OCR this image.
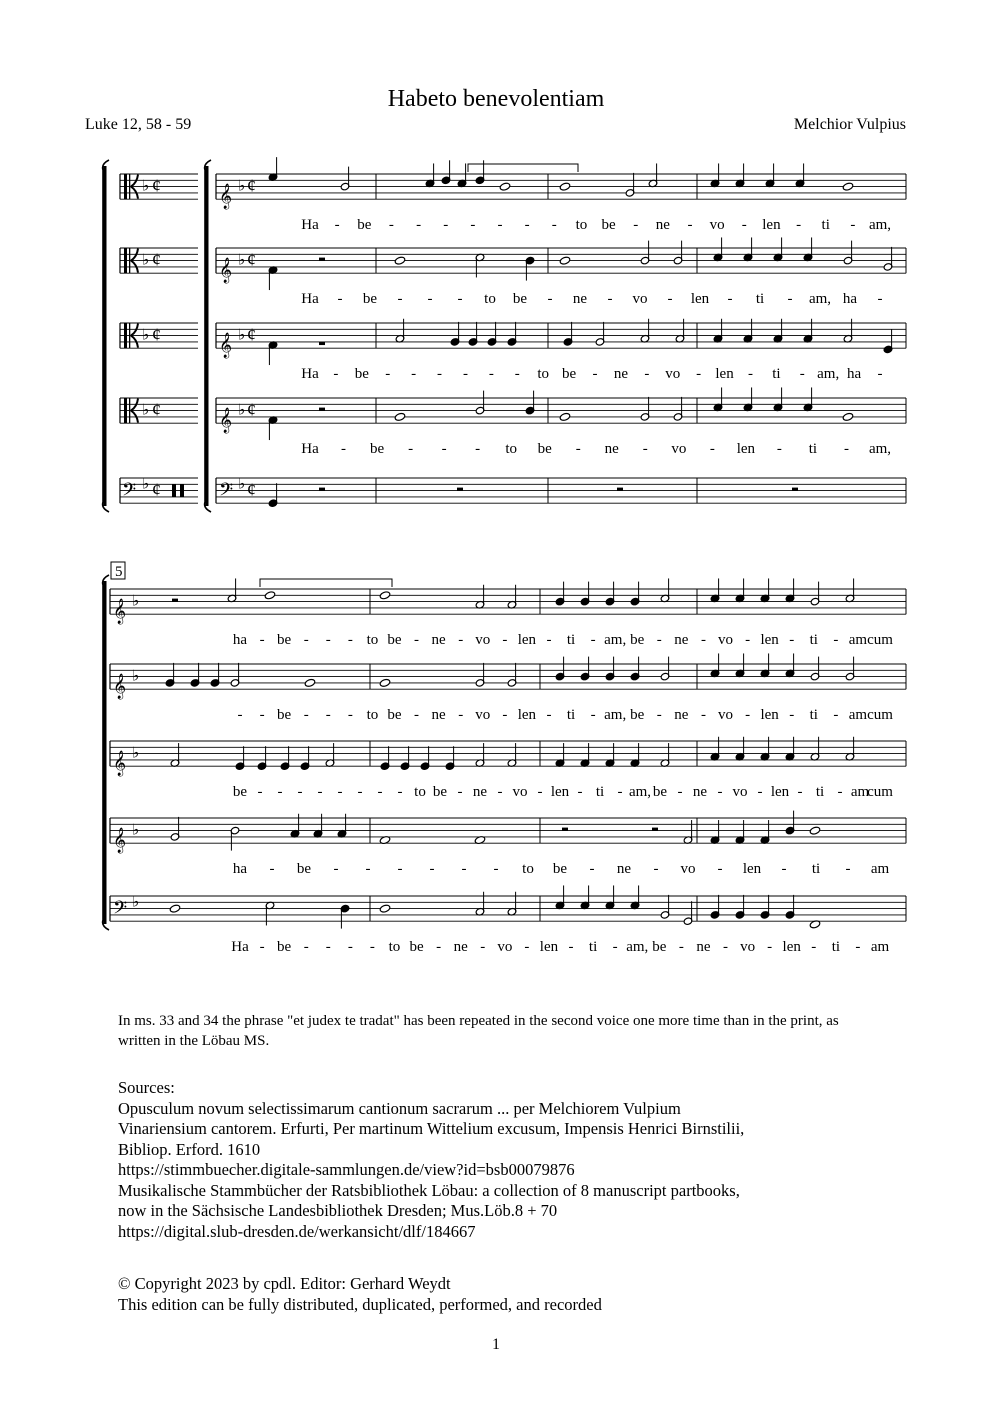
Habeto benevolentiam
Luke 12, 58 - 59	Melchior Vulpius
♭ ¢	𝄞 ♭ ¢
Ha - be - - - - - - - to be - ne - vo - len - ti - am,
♭ ¢	𝄞 ♭ ¢
Ha - be - - - to be - ne - vo - len - ti - am, ha -
♭ ¢	𝄞 ♭ ¢
Ha - be - - - - - - to be - ne - vo - len - ti - am, ha -
♭ ¢	𝄞 ♭ ¢
Ha - be - - - to be - ne - vo - len - ti - am,
𝄢 ♭ ¢	𝄢 ♭ ¢
5
𝄞 ♭
ha - be - - - to be - ne - vo - len - ti - am, be - ne - vo - len - ti - am cum
𝄞 ♭
- - be - - - to be - ne - vo - len - ti - am, be - ne - vo - len - ti - am cum
𝄞 ♭
be - - - - - - - - to be - ne - vo - len - ti - am, be - ne - vo - len - ti - am
cum
𝄞 ♭
ha - be - - - - - - to be - ne - vo - len - ti - am
𝄢 ♭
Ha - be - - - - to be - ne - vo - len - ti - am, be - ne - vo - len - ti - am
In ms. 33 and 34 the phrase "et judex te tradat" has been repeated in the second voice one more time than in the print, as written in the Löbau MS.
Sources:
Opusculum novum selectissimarum cantionum sacrarum ... per Melchiorem Vulpium
Vinariensium cantorem. Erfurti, Per martinum Wittelium excusum, Impensis Henrici Birnstilii,
Bibliop. Erford. 1610
https://stimmbuecher.digitale-sammlungen.de/view?id=bsb00079876
Musikalische Stammbücher der Ratsbibliothek Löbau: a collection of 8 manuscript partbooks,
now in the Sächsische Landesbibliothek Dresden; Mus.Löb.8 + 70
https://digital.slub-dresden.de/werkansicht/dlf/184667
© Copyright 2023 by cpdl. Editor: Gerhard Weydt
This edition can be fully distributed, duplicated, performed, and recorded
1
